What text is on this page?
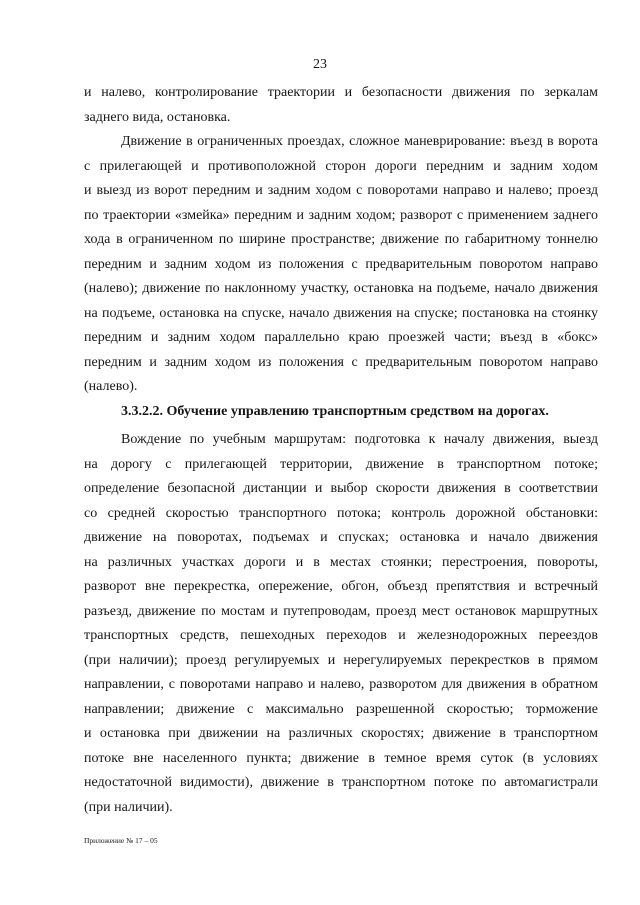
23
и налево, контролирование траектории и безопасности движения по зеркалам
заднего вида, остановка.
Движение в ограниченных проездах, сложное маневрирование: въезд в ворота
с прилегающей и противоположной сторон дороги передним и задним ходом
и выезд из ворот передним и задним ходом с поворотами направо и налево; проезд
по траектории «змейка» передним и задним ходом; разворот с применением заднего
хода в ограниченном по ширине пространстве; движение по габаритному тоннелю
передним и задним ходом из положения с предварительным поворотом направо
(налево); движение по наклонному участку, остановка на подъеме, начало движения
на подъеме, остановка на спуске, начало движения на спуске; постановка на стоянку
передним и задним ходом параллельно краю проезжей части; въезд в «бокс»
передним и задним ходом из положения с предварительным поворотом направо
(налево).
3.3.2.2. Обучение управлению транспортным средством на дорогах.
Вождение по учебным маршрутам: подготовка к началу движения, выезд
на дорогу с прилегающей территории, движение в транспортном потоке;
определение безопасной дистанции и выбор скорости движения в соответствии
со средней скоростью транспортного потока; контроль дорожной обстановки:
движение на поворотах, подъемах и спусках; остановка и начало движения
на различных участках дороги и в местах стоянки; перестроения, повороты,
разворот вне перекрестка, опережение, обгон, объезд препятствия и встречный
разъезд, движение по мостам и путепроводам, проезд мест остановок маршрутных
транспортных средств, пешеходных переходов и железнодорожных переездов
(при наличии); проезд регулируемых и нерегулируемых перекрестков в прямом
направлении, с поворотами направо и налево, разворотом для движения в обратном
направлении; движение с максимально разрешенной скоростью; торможение
и остановка при движении на различных скоростях; движение в транспортном
потоке вне населенного пункта; движение в темное время суток (в условиях
недостаточной видимости), движение в транспортном потоке по автомагистрали
(при наличии).
Приложение № 17 – 05
